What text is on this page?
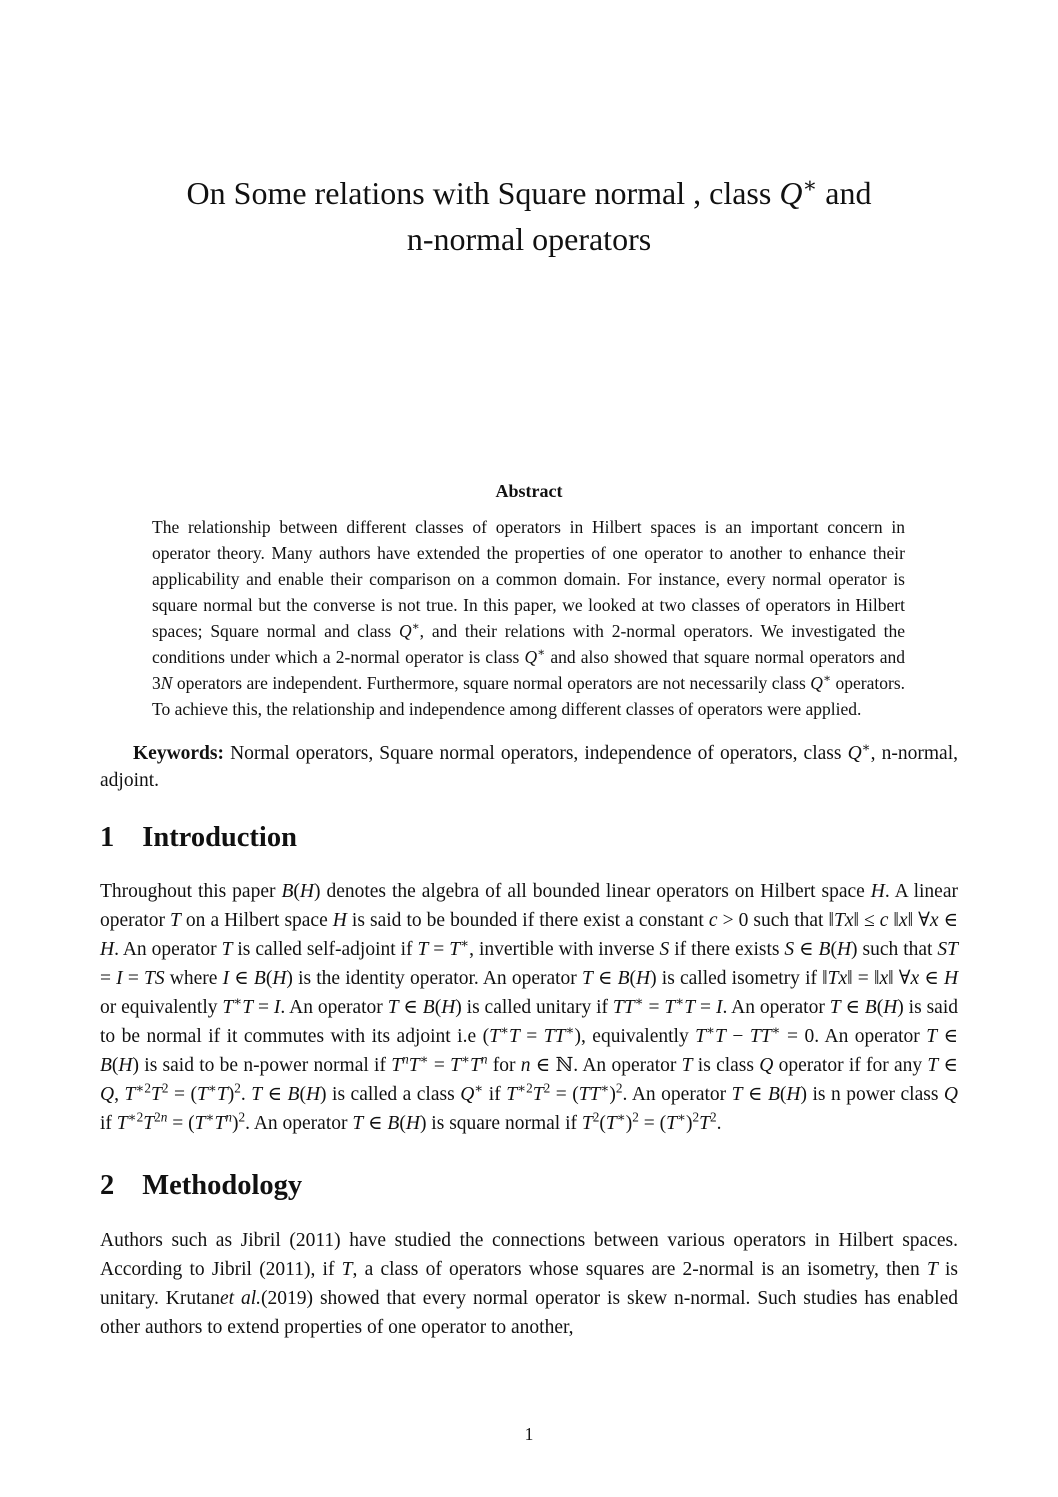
On Some relations with Square normal , class Q∗ and
n-normal operators
Abstract

The relationship between different classes of operators in Hilbert spaces is an important concern in operator theory. Many authors have extended the properties of one operator to another to enhance their applicability and enable their comparison on a common domain. For instance, every normal operator is square normal but the converse is not true. In this paper, we looked at two classes of operators in Hilbert spaces; Square normal and class Q∗, and their relations with 2-normal operators. We investigated the conditions under which a 2-normal operator is class Q∗ and also showed that square normal operators and 3N operators are independent. Furthermore, square normal operators are not necessarily class Q∗ operators. To achieve this, the relationship and independence among different classes of operators were applied.

Keywords: Normal operators, Square normal operators, independence of operators, class Q∗, n-normal, adjoint.

1 Introduction

Throughout this paper B(H) denotes the algebra of all bounded linear operators on Hilbert space H. A linear operator T on a Hilbert space H is said to be bounded if there exist a constant c > 0 such that ‖Tx‖ ≤ c ‖x‖ ∀x ∈ H. An operator T is called self-adjoint if T = T∗, invertible with inverse S if there exists S ∈ B(H) such that ST = I = TS where I ∈ B(H) is the identity operator. An operator T ∈ B(H) is called isometry if ‖Tx‖ = ‖x‖ ∀x ∈ H or equivalently T∗T = I. An operator T ∈ B(H) is called unitary if TT∗ = T∗T = I. An operator T ∈ B(H) is said to be normal if it commutes with its adjoint i.e (T∗T = TT∗), equivalently T∗T − TT∗ = 0. An operator T ∈ B(H) is said to be n-power normal if $T^nT^∗ = T^∗T^n$ for n ∈ ℕ. An operator T is class Q operator if for any T ∈ Q, $T^{∗2}T^2 = (T^∗T)^2$. T ∈ B(H) is called a class Q∗ if $T^{∗2}T^2 = (TT^∗)^2$. An operator T ∈ B(H) is n power class Q if $T^{∗2}T^{2n} = (T^∗T^n)^2$. An operator T ∈ B(H) is square normal if $T^2(T^∗)^2 = (T^∗)^2T^2$.

2 Methodology

Authors such as Jibril (2011) have studied the connections between various operators in Hilbert spaces. According to Jibril (2011), if T, a class of operators whose squares are 2-normal is an isometry, then T is unitary. Krutanet al.(2019) showed that every normal operator is skew n-normal. Such studies has enabled other authors to extend properties of one operator to another,

1
